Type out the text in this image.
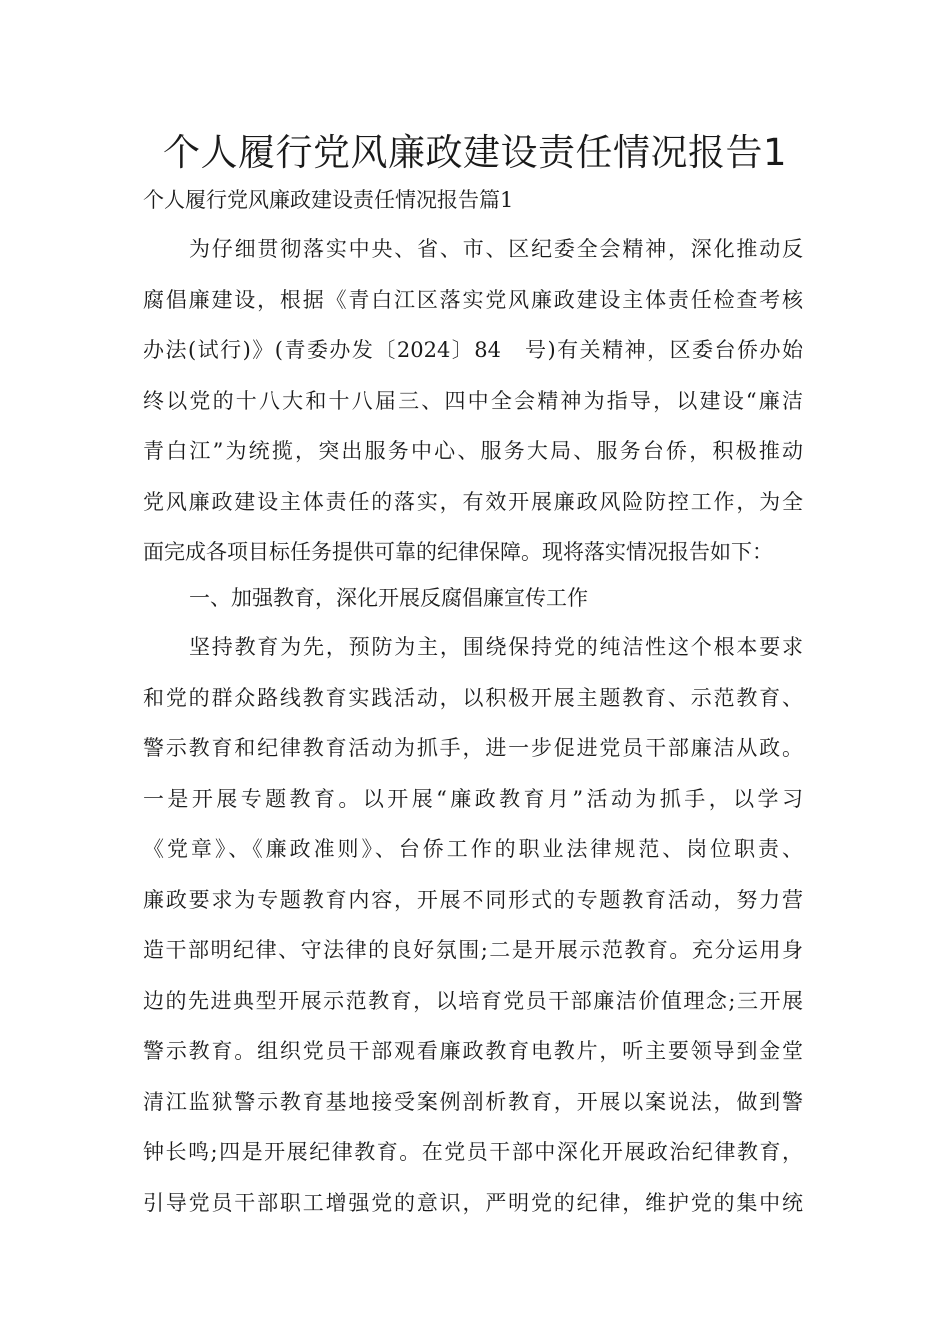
个人履行党风廉政建设责任情况报告1

个人履行党风廉政建设责任情况报告篇1

为仔细贯彻落实中央、省、市、区纪委全会精神，深化推动反
腐倡廉建设，根据《青白江区落实党风廉政建设主体责任检查考核
办法(试行)》(青委办发〔2024〕84　号)有关精神，区委台侨办始
终以党的十八大和十八届三、四中全会精神为指导，以建设“廉洁
青白江”为统揽，突出服务中心、服务大局、服务台侨，积极推动
党风廉政建设主体责任的落实，有效开展廉政风险防控工作，为全
面完成各项目标任务提供可靠的纪律保障。现将落实情况报告如下：
一、加强教育，深化开展反腐倡廉宣传工作
坚持教育为先，预防为主，围绕保持党的纯洁性这个根本要求
和党的群众路线教育实践活动，以积极开展主题教育、示范教育、
警示教育和纪律教育活动为抓手，进一步促进党员干部廉洁从政。
一是开展专题教育。以开展“廉政教育月”活动为抓手，以学习
《党章》、《廉政准则》、台侨工作的职业法律规范、岗位职责、
廉政要求为专题教育内容，开展不同形式的专题教育活动，努力营
造干部明纪律、守法律的良好氛围;二是开展示范教育。充分运用身
边的先进典型开展示范教育，以培育党员干部廉洁价值理念;三开展
警示教育。组织党员干部观看廉政教育电教片，听主要领导到金堂
清江监狱警示教育基地接受案例剖析教育，开展以案说法，做到警
钟长鸣;四是开展纪律教育。在党员干部中深化开展政治纪律教育，
引导党员干部职工增强党的意识，严明党的纪律，维护党的集中统
